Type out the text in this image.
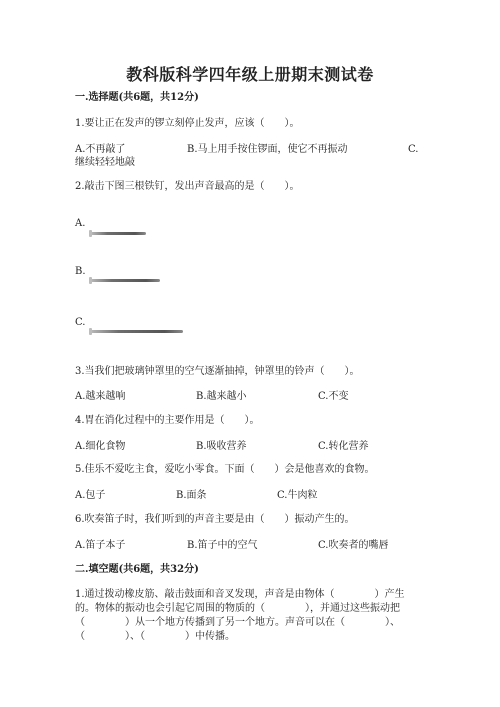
教科版科学四年级上册期末测试卷
一.选择题(共6题，共12分)
1.要让正在发声的锣立刻停止发声，应该（　　）。
A.不再敲了	B.马上用手按住锣面，使它不再振动	C.
继续轻轻地敲
2.敲击下图三根铁钉，发出声音最高的是（　　）。
A.
B.
C.
3.当我们把玻璃钟罩里的空气逐渐抽掉，钟罩里的铃声（　　）。
A.越来越响	B.越来越小	C.不变
4.胃在消化过程中的主要作用是（　　）。
A.细化食物	B.吸收营养	C.转化营养
5.佳乐不爱吃主食，爱吃小零食。下面（　　）会是他喜欢的食物。
A.包子	B.面条	C.牛肉粒
6.吹奏笛子时，我们听到的声音主要是由（　　）振动产生的。
A.笛子本子	B.笛子中的空气	C.吹奏者的嘴唇
二.填空题(共6题，共32分)
1.通过拨动橡皮筋、敲击鼓面和音叉发现，声音是由物体（　　　　）产生
的。物体的振动也会引起它周围的物质的（　　　　），并通过这些振动把
（　　　　）从一个地方传播到了另一个地方。声音可以在（　　　　）、
（　　　　）、（　　　　）中传播。
